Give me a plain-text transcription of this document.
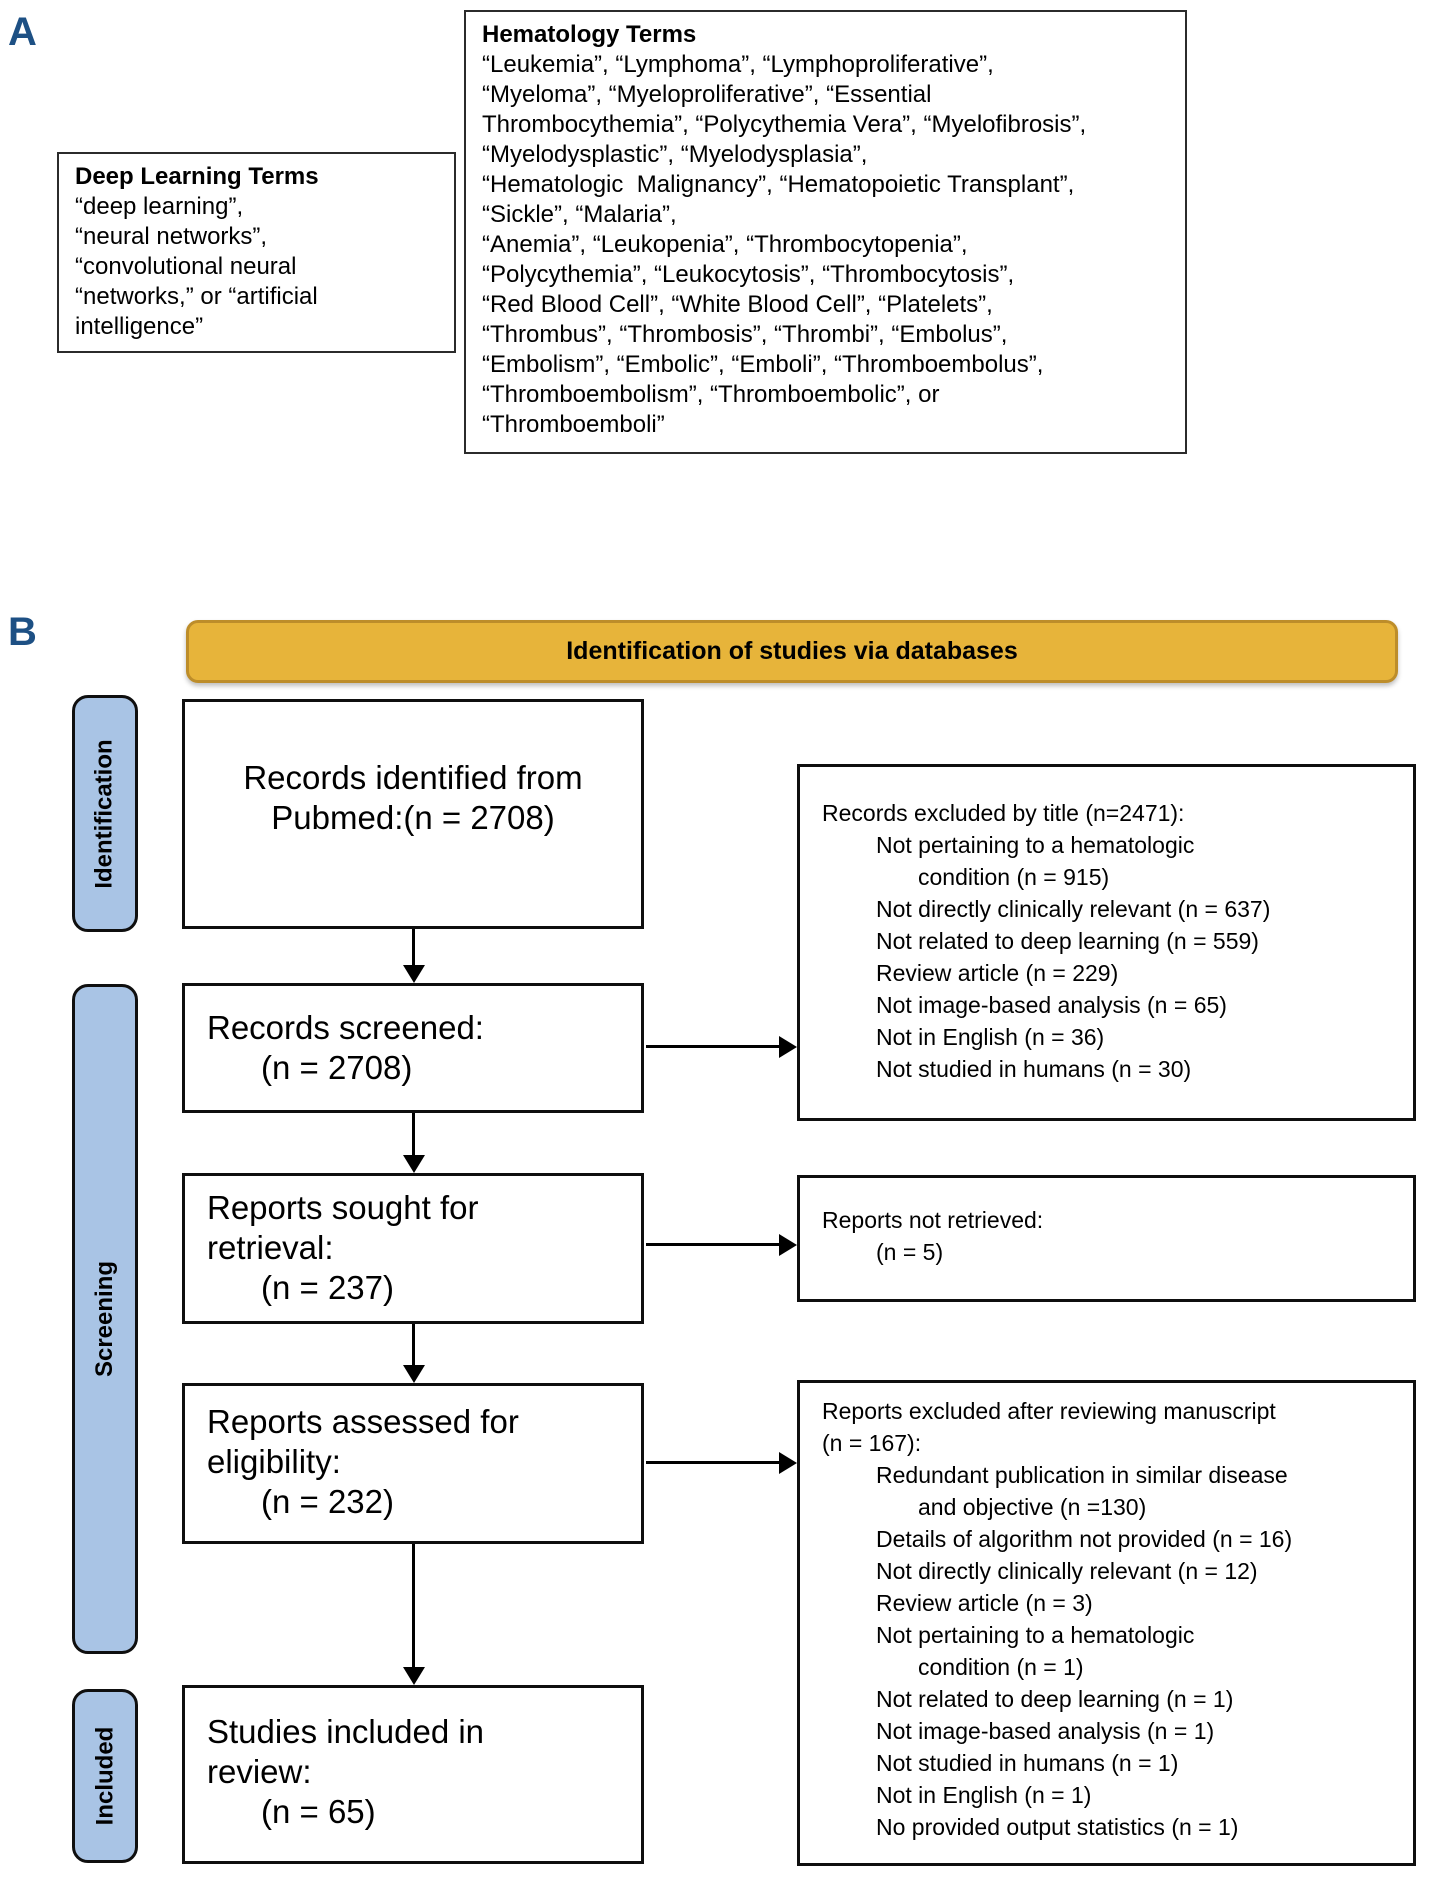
A
Deep Learning Terms
“deep learning”,
“neural networks”,
“convolutional neural
“networks,” or “artificial
intelligence”
Hematology Terms
“Leukemia”, “Lymphoma”, “Lymphoproliferative”,
“Myeloma”, “Myeloproliferative”, “Essential
Thrombocythemia”, “Polycythemia Vera”, “Myelofibrosis”,
“Myelodysplastic”, “Myelodysplasia”,
“Hematologic  Malignancy”, “Hematopoietic Transplant”,
“Sickle”, “Malaria”,
“Anemia”, “Leukopenia”, “Thrombocytopenia”,
“Polycythemia”, “Leukocytosis”, “Thrombocytosis”,
“Red Blood Cell”, “White Blood Cell”, “Platelets”,
“Thrombus”, “Thrombosis”, “Thrombi”, “Embolus”,
“Embolism”, “Embolic”, “Emboli”, “Thromboembolus”,
“Thromboembolism”, “Thromboembolic”, or
“Thromboemboli”
B	Identification of studies via databases
Identification
Screening
Included
Records identified from
Pubmed:(n = 2708)
Records screened:
(n = 2708)
Reports sought for
retrieval:
(n = 237)
Reports assessed for
eligibility:
(n = 232)
Studies included in
review:
(n = 65)
Records excluded by title (n=2471):
Not pertaining to a hematologic
condition (n = 915)
Not directly clinically relevant (n = 637)
Not related to deep learning (n = 559)
Review article (n = 229)
Not image-based analysis (n = 65)
Not in English (n = 36)
Not studied in humans (n = 30)
Reports not retrieved:
(n = 5)
Reports excluded after reviewing manuscript
(n = 167):
Redundant publication in similar disease
and objective (n =130)
Details of algorithm not provided (n = 16)
Not directly clinically relevant (n = 12)
Review article (n = 3)
Not pertaining to a hematologic
condition (n = 1)
Not related to deep learning (n = 1)
Not image-based analysis (n = 1)
Not studied in humans (n = 1)
Not in English (n = 1)
No provided output statistics (n = 1)
